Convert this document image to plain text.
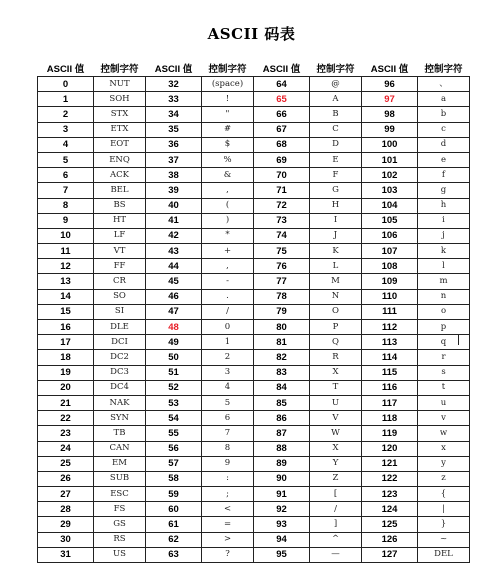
ASCII 码表
ASCII 值	控制字符	ASCII 值	控制字符	ASCII 值	控制字符	ASCII 值	控制字符
0	NUT	32	(space)	64	@	96	、
1	SOH	33	!	65	A	97	a
2	STX	34	"	66	B	98	b
3	ETX	35	#	67	C	99	c
4	EOT	36	$	68	D	100	d
5	ENQ	37	%	69	E	101	e
6	ACK	38	&	70	F	102	f
7	BEL	39	,	71	G	103	g
8	BS	40	(	72	H	104	h
9	HT	41	)	73	I	105	i
10	LF	42	*	74	J	106	j
11	VT	43	+	75	K	107	k
12	FF	44	,	76	L	108	l
13	CR	45	-	77	M	109	m
14	SO	46	.	78	N	110	n
15	SI	47	/	79	O	111	o
16	DLE	48	0	80	P	112	p
17	DCI	49	1	81	Q	113	q
18	DC2	50	2	82	R	114	r
19	DC3	51	3	83	X	115	s
20	DC4	52	4	84	T	116	t
21	NAK	53	5	85	U	117	u
22	SYN	54	6	86	V	118	v
23	TB	55	7	87	W	119	w
24	CAN	56	8	88	X	120	x
25	EM	57	9	89	Y	121	y
26	SUB	58	:	90	Z	122	z
27	ESC	59	;	91	[	123	{
28	FS	60	<	92	/	124	|
29	GS	61	=	93	]	125	}
30	RS	62	>	94	^	126	~
31	US	63	?	95	—	127	DEL
